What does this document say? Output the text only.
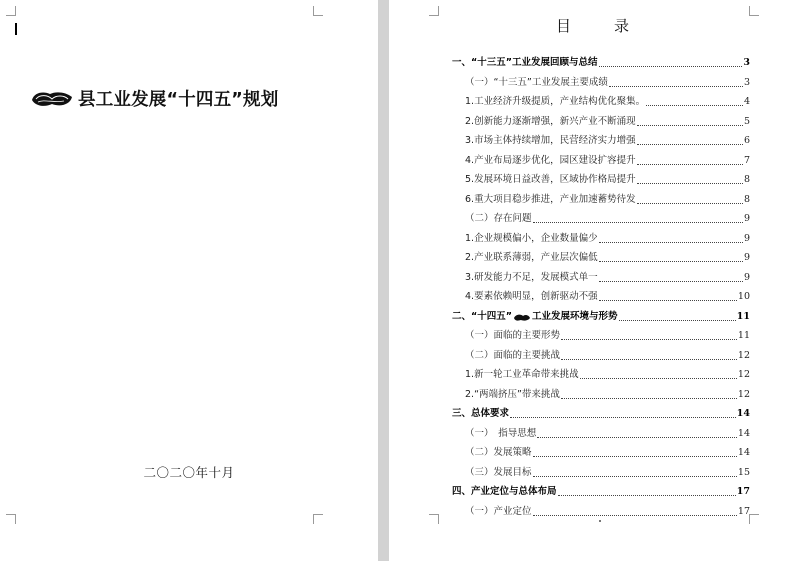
县工业发展“十四五”规划
二〇二〇年十月
目　录
一、“十三五”工业发展回顾与总结	3
（一）“十三五”工业发展主要成绩	3
1.工业经济升级提质，产业结构优化聚集。	4
2.创新能力逐渐增强，新兴产业不断涌现	5
3.市场主体持续增加，民营经济实力增强	6
4.产业布局逐步优化，园区建设扩容提升	7
5.发展环境日益改善，区域协作格局提升	8
6.重大项目稳步推进，产业加速蓄势待发	8
（二）存在问题	9
1.企业规模偏小，企业数量偏少	9
2.产业联系薄弱，产业层次偏低	9
3.研发能力不足，发展模式单一	9
4.要素依赖明显，创新驱动不强	10
二、“十四五” 工业发展环境与形势	11
（一）面临的主要形势	11
（二）面临的主要挑战	12
1.新一轮工业革命带来挑战	12
2.“两端挤压”带来挑战	12
三、总体要求	14
（一）　指导思想	14
（二）发展策略	14
（三）发展目标	15
四、产业定位与总体布局	17
（一）产业定位	17
